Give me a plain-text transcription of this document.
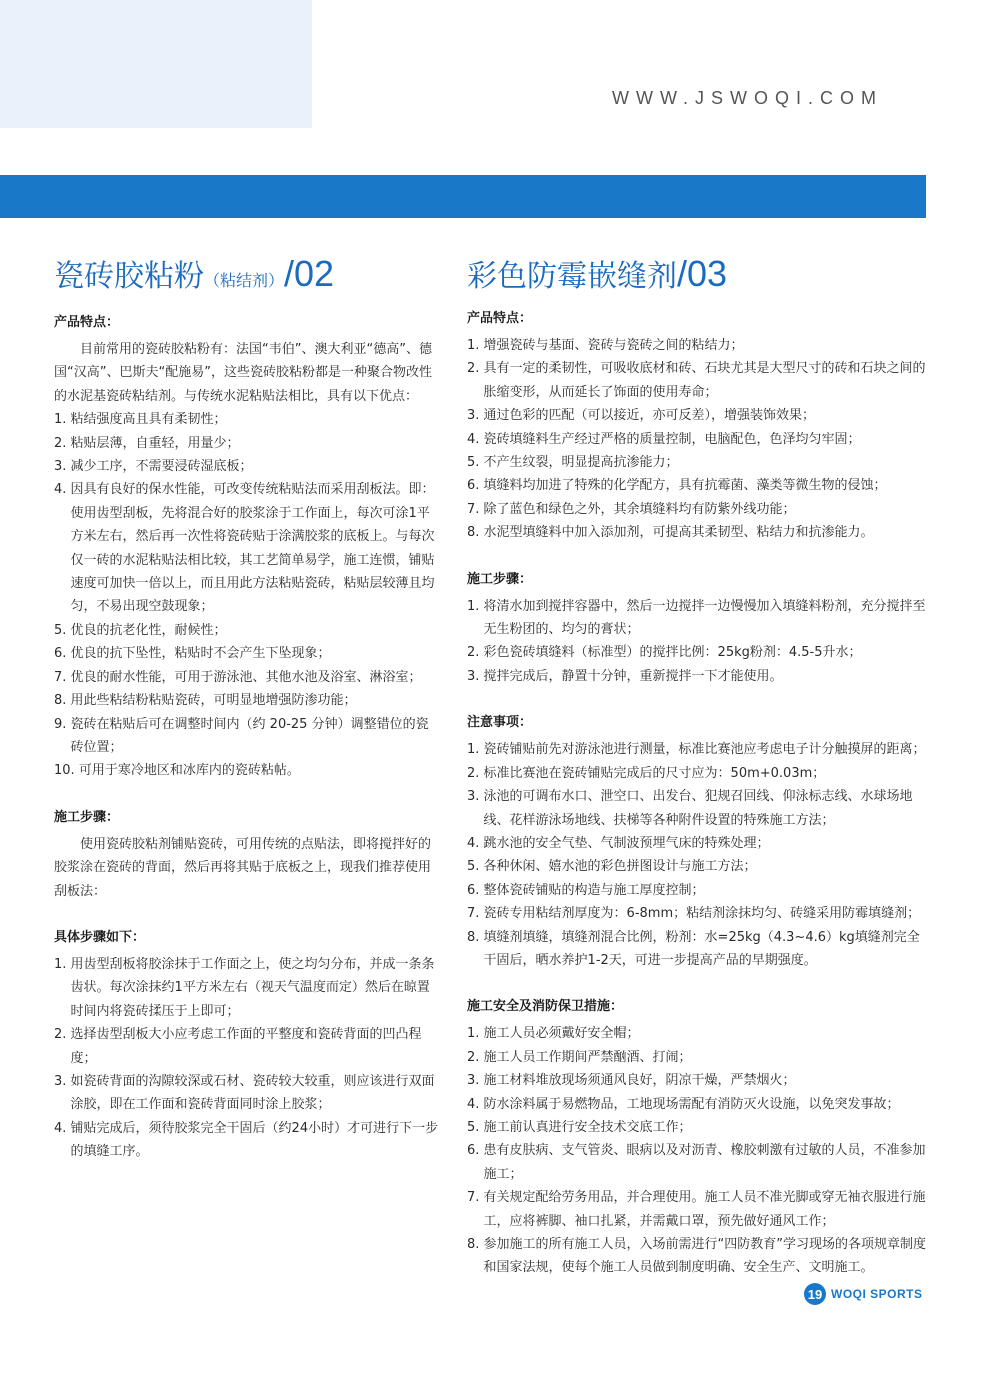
WWW.JSWOQI.COM
瓷砖胶粘粉（粘结剂）/02
产品特点：

目前常用的瓷砖胶粘粉有：法国“韦伯”、澳大利亚“德高”、德国“汉高”、巴斯夫“配施易”，这些瓷砖胶粘粉都是一种聚合物改性的水泥基瓷砖粘结剂。与传统水泥粘贴法相比，具有以下优点：

1. 粘结强度高且具有柔韧性；
2. 粘贴层薄，自重轻，用量少；
3. 减少工序，不需要浸砖湿底板；
4. 因具有良好的保水性能，可改变传统粘贴法而采用刮板法。即：使用齿型刮板，先将混合好的胶浆涂于工作面上，每次可涂1平方米左右，然后再一次性将瓷砖贴于涂满胶浆的底板上。与每次仅一砖的水泥粘贴法相比较，其工艺简单易学，施工连惯，铺贴速度可加快一倍以上，而且用此方法粘贴瓷砖，粘贴层较薄且均匀，不易出现空鼓现象；
5. 优良的抗老化性，耐候性；
6. 优良的抗下坠性，粘贴时不会产生下坠现象；
7. 优良的耐水性能，可用于游泳池、其他水池及浴室、淋浴室；
8. 用此些粘结粉粘贴瓷砖，可明显地增强防渗功能；
9. 瓷砖在粘贴后可在调整时间内（约 20-25 分钟）调整错位的瓷砖位置；
10. 可用于寒冷地区和冰库内的瓷砖粘帖。
施工步骤：

使用瓷砖胶粘剂铺贴瓷砖，可用传统的点贴法，即将搅拌好的胶浆涂在瓷砖的背面，然后再将其贴于底板之上，现我们推荐使用刮板法：

具体步骤如下：
1. 用齿型刮板将胶涂抹于工作面之上，使之均匀分布，并成一条条齿状。每次涂抹约1平方米左右（视天气温度而定）然后在晾置时间内将瓷砖揉压于上即可；
2. 选择齿型刮板大小应考虑工作面的平整度和瓷砖背面的凹凸程度；
3. 如瓷砖背面的沟隙较深或石材、瓷砖较大较重，则应该进行双面涂胶，即在工作面和瓷砖背面同时涂上胶浆；
4. 铺贴完成后，须待胶浆完全干固后（约24小时）才可进行下一步的填缝工序。
彩色防霉嵌缝剂/03
产品特点：
1. 增强瓷砖与基面、瓷砖与瓷砖之间的粘结力；
2. 具有一定的柔韧性，可吸收底材和砖、石块尤其是大型尺寸的砖和石块之间的胀缩变形，从而延长了饰面的使用寿命；
3. 通过色彩的匹配（可以接近，亦可反差），增强装饰效果；
4. 瓷砖填缝料生产经过严格的质量控制，电脑配色，色泽均匀牢固；
5. 不产生纹裂，明显提高抗渗能力；
6. 填缝料均加进了特殊的化学配方，具有抗霉菌、藻类等微生物的侵蚀；
7. 除了蓝色和绿色之外，其余填缝料均有防紫外线功能；
8. 水泥型填缝料中加入添加剂，可提高其柔韧型、粘结力和抗渗能力。
施工步骤：
1. 将清水加到搅拌容器中，然后一边搅拌一边慢慢加入填缝料粉剂，充分搅拌至无生粉团的、均匀的膏状；
2. 彩色瓷砖填缝料（标准型）的搅拌比例：25kg粉剂：4.5-5升水；
3. 搅拌完成后，静置十分钟，重新搅拌一下才能使用。
注意事项：
1. 瓷砖铺贴前先对游泳池进行测量，标准比赛池应考虑电子计分触摸屏的距离；
2. 标准比赛池在瓷砖铺贴完成后的尺寸应为：50m+0.03m；
3. 泳池的可调布水口、泄空口、出发台、犯规召回线、仰泳标志线、水球场地线、花样游泳场地线、扶梯等各种附件设置的特殊施工方法；
4. 跳水池的安全气垫、气制波预埋气床的特殊处理；
5. 各种休闲、嬉水池的彩色拼图设计与施工方法；
6. 整体瓷砖铺贴的构造与施工厚度控制；
7. 瓷砖专用粘结剂厚度为：6-8mm；粘结剂涂抹均匀、砖缝采用防霉填缝剂；
8. 填缝剂填缝，填缝剂混合比例，粉剂：水=25kg（4.3~4.6）kg填缝剂完全干固后，晒水养护1-2天，可进一步提高产品的早期强度。
施工安全及消防保卫措施：
1. 施工人员必须戴好安全帽；
2. 施工人员工作期间严禁酗酒、打闹；
3. 施工材料堆放现场须通风良好，阴凉干燥，严禁烟火；
4. 防水涂料属于易燃物品，工地现场需配有消防灭火设施，以免突发事故；
5. 施工前认真进行安全技术交底工作；
6. 患有皮肤病、支气管炎、眼病以及对沥青、橡胶刺激有过敏的人员，不准参加施工；
7. 有关规定配给劳务用品，并合理使用。施工人员不准光脚或穿无袖衣服进行施工，应将裤脚、袖口扎紧，并需戴口罩，预先做好通风工作；
8. 参加施工的所有施工人员，入场前需进行“四防教育”学习现场的各项规章制度和国家法规，使每个施工人员做到制度明确、安全生产、文明施工。
19 WOQI SPORTS
